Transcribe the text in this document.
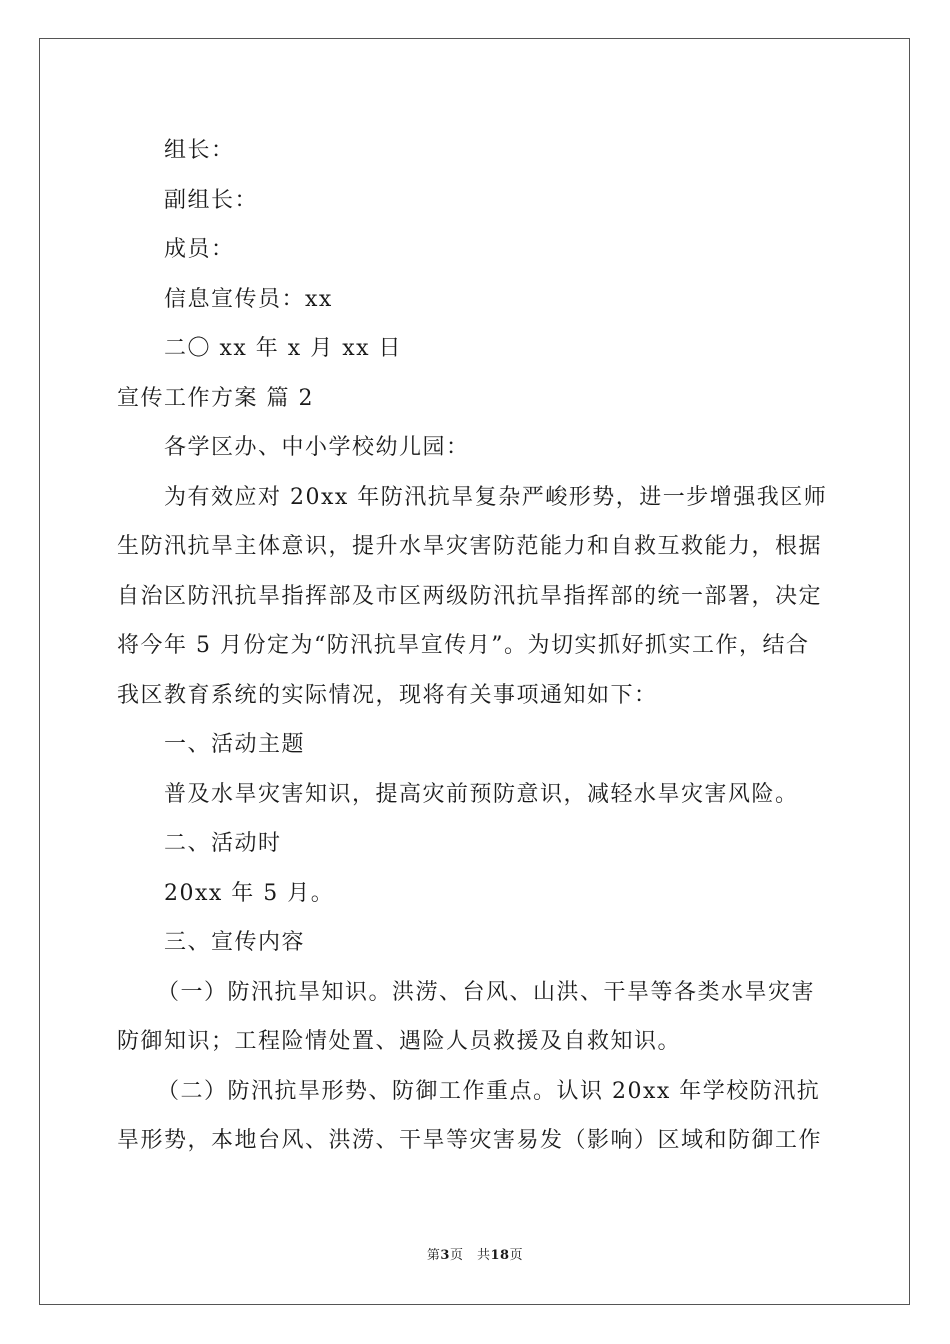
组长：
副组长：
成员：
信息宣传员：xx
二〇 xx 年 x 月 xx 日
宣传工作方案 篇 2
各学区办、中小学校幼儿园：
为有效应对 20xx 年防汛抗旱复杂严峻形势，进一步增强我区师
生防汛抗旱主体意识，提升水旱灾害防范能力和自救互救能力，根据
自治区防汛抗旱指挥部及市区两级防汛抗旱指挥部的统一部署，决定
将今年 5 月份定为“防汛抗旱宣传月”。为切实抓好抓实工作，结合
我区教育系统的实际情况，现将有关事项通知如下：
一、活动主题
普及水旱灾害知识，提高灾前预防意识，减轻水旱灾害风险。
二、活动时
20xx 年 5 月。
三、宣传内容
（一）防汛抗旱知识。洪涝、台风、山洪、干旱等各类水旱灾害
防御知识；工程险情处置、遇险人员救援及自救知识。
（二）防汛抗旱形势、防御工作重点。认识 20xx 年学校防汛抗
旱形势，本地台风、洪涝、干旱等灾害易发（影响）区域和防御工作
第3页　共18页
